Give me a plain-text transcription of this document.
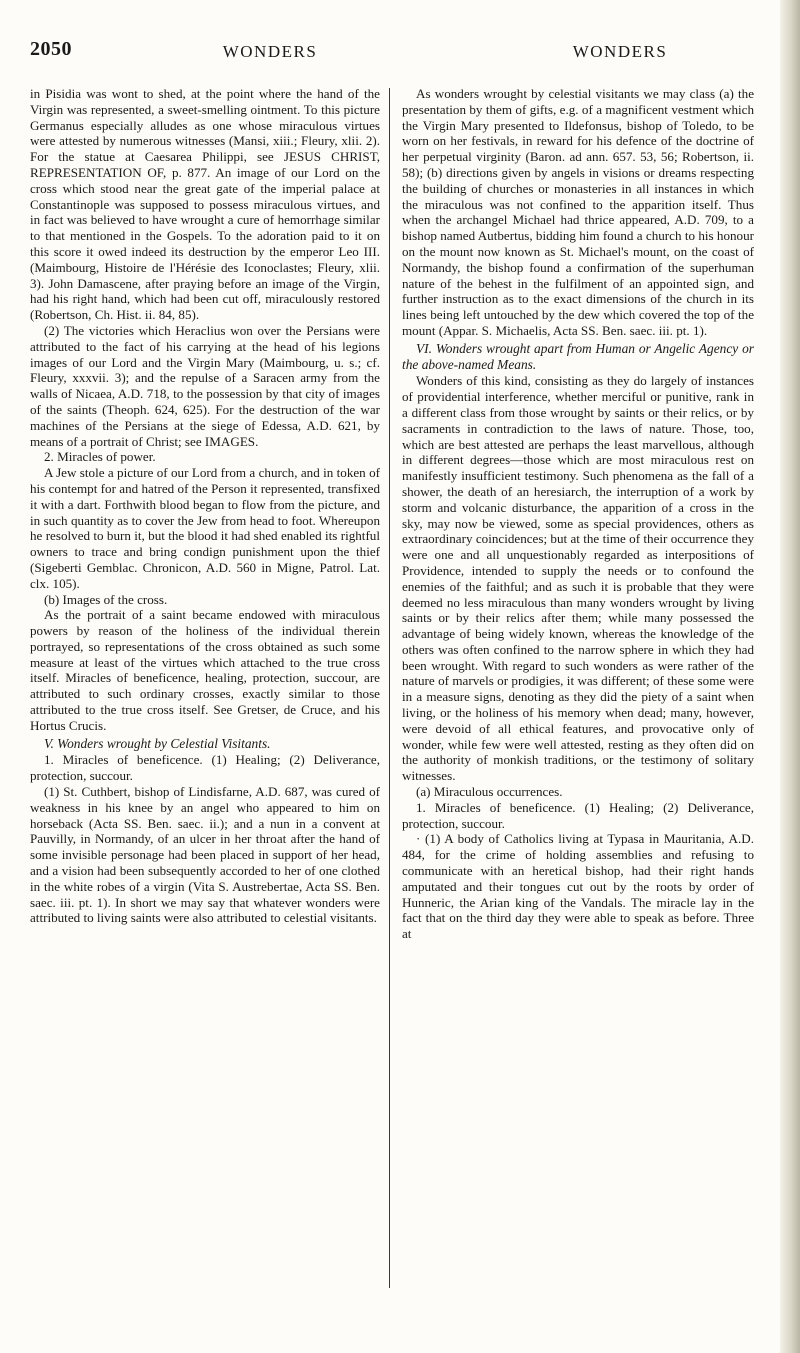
2050	WONDERS	WONDERS

in Pisidia was wont to shed, at the point where the hand of the Virgin was represented, a sweet-smelling ointment. To this picture Germanus especially alludes as one whose miraculous virtues were attested by numerous witnesses (Mansi, xiii.; Fleury, xlii. 2). For the statue at Caesarea Philippi, see JESUS CHRIST, REPRESENTATION OF, p. 877. An image of our Lord on the cross which stood near the great gate of the imperial palace at Constantinople was supposed to possess miraculous virtues, and in fact was believed to have wrought a cure of hemorrhage similar to that mentioned in the Gospels. To the adoration paid to it on this score it owed indeed its destruction by the emperor Leo III. (Maimbourg, Histoire de l'Hérésie des Iconoclastes; Fleury, xlii. 3). John Damascene, after praying before an image of the Virgin, had his right hand, which had been cut off, miraculously restored (Robertson, Ch. Hist. ii. 84, 85).

(2) The victories which Heraclius won over the Persians were attributed to the fact of his carrying at the head of his legions images of our Lord and the Virgin Mary (Maimbourg, u. s.; cf. Fleury, xxxvii. 3); and the repulse of a Saracen army from the walls of Nicaea, A.D. 718, to the possession by that city of images of the saints (Theoph. 624, 625). For the destruction of the war machines of the Persians at the siege of Edessa, A.D. 621, by means of a portrait of Christ; see IMAGES.

2. Miracles of power.

A Jew stole a picture of our Lord from a church, and in token of his contempt for and hatred of the Person it represented, transfixed it with a dart. Forthwith blood began to flow from the picture, and in such quantity as to cover the Jew from head to foot. Whereupon he resolved to burn it, but the blood it had shed enabled its rightful owners to trace and bring condign punishment upon the thief (Sigeberti Gemblac. Chronicon, A.D. 560 in Migne, Patrol. Lat. clx. 105).

(b) Images of the cross.

As the portrait of a saint became endowed with miraculous powers by reason of the holiness of the individual therein portrayed, so representations of the cross obtained as such some measure at least of the virtues which attached to the true cross itself. Miracles of beneficence, healing, protection, succour, are attributed to such ordinary crosses, exactly similar to those attributed to the true cross itself. See Gretser, de Cruce, and his Hortus Crucis.

V. Wonders wrought by Celestial Visitants.

1. Miracles of beneficence. (1) Healing; (2) Deliverance, protection, succour.

(1) St. Cuthbert, bishop of Lindisfarne, A.D. 687, was cured of weakness in his knee by an angel who appeared to him on horseback (Acta SS. Ben. saec. ii.); and a nun in a convent at Pauvilly, in Normandy, of an ulcer in her throat after the hand of some invisible personage had been placed in support of her head, and a vision had been subsequently accorded to her of one clothed in the white robes of a virgin (Vita S. Austrebertae, Acta SS. Ben. saec. iii. pt. 1). In short we may say that whatever wonders were attributed to living saints were also attributed to celestial visitants.

As wonders wrought by celestial visitants we may class (a) the presentation by them of gifts, e.g. of a magnificent vestment which the Virgin Mary presented to Ildefonsus, bishop of Toledo, to be worn on her festivals, in reward for his defence of the doctrine of her perpetual virginity (Baron. ad ann. 657. 53, 56; Robertson, ii. 58); (b) directions given by angels in visions or dreams respecting the building of churches or monasteries in all instances in which the miraculous was not confined to the apparition itself. Thus when the archangel Michael had thrice appeared, A.D. 709, to a bishop named Autbertus, bidding him found a church to his honour on the mount now known as St. Michael's mount, on the coast of Normandy, the bishop found a confirmation of the superhuman nature of the behest in the fulfilment of an appointed sign, and further instruction as to the exact dimensions of the church in its lines being left untouched by the dew which covered the top of the mount (Appar. S. Michaelis, Acta SS. Ben. saec. iii. pt. 1).

VI. Wonders wrought apart from Human or Angelic Agency or the above-named Means.

Wonders of this kind, consisting as they do largely of instances of providential interference, whether merciful or punitive, rank in a different class from those wrought by saints or their relics, or by sacraments in contradiction to the laws of nature. Those, too, which are best attested are perhaps the least marvellous, although in different degrees—those which are most miraculous rest on manifestly insufficient testimony. Such phenomena as the fall of a shower, the death of an heresiarch, the interruption of a work by storm and volcanic disturbance, the apparition of a cross in the sky, may now be viewed, some as special providences, others as extraordinary coincidences; but at the time of their occurrence they were one and all unquestionably regarded as interpositions of Providence, intended to supply the needs or to confound the enemies of the faithful; and as such it is probable that they were deemed no less miraculous than many wonders wrought by living saints or by their relics after them; while many possessed the advantage of being widely known, whereas the knowledge of the others was often confined to the narrow sphere in which they had been wrought. With regard to such wonders as were rather of the nature of marvels or prodigies, it was different; of these some were in a measure signs, denoting as they did the piety of a saint when living, or the holiness of his memory when dead; many, however, were devoid of all ethical features, and provocative only of wonder, while few were well attested, resting as they often did on the authority of monkish traditions, or the testimony of solitary witnesses.

(a) Miraculous occurrences.

1. Miracles of beneficence. (1) Healing; (2) Deliverance, protection, succour.

· (1) A body of Catholics living at Typasa in Mauritania, A.D. 484, for the crime of holding assemblies and refusing to communicate with an heretical bishop, had their right hands amputated and their tongues cut out by the roots by order of Hunneric, the Arian king of the Vandals. The miracle lay in the fact that on the third day they were able to speak as before. Three at
